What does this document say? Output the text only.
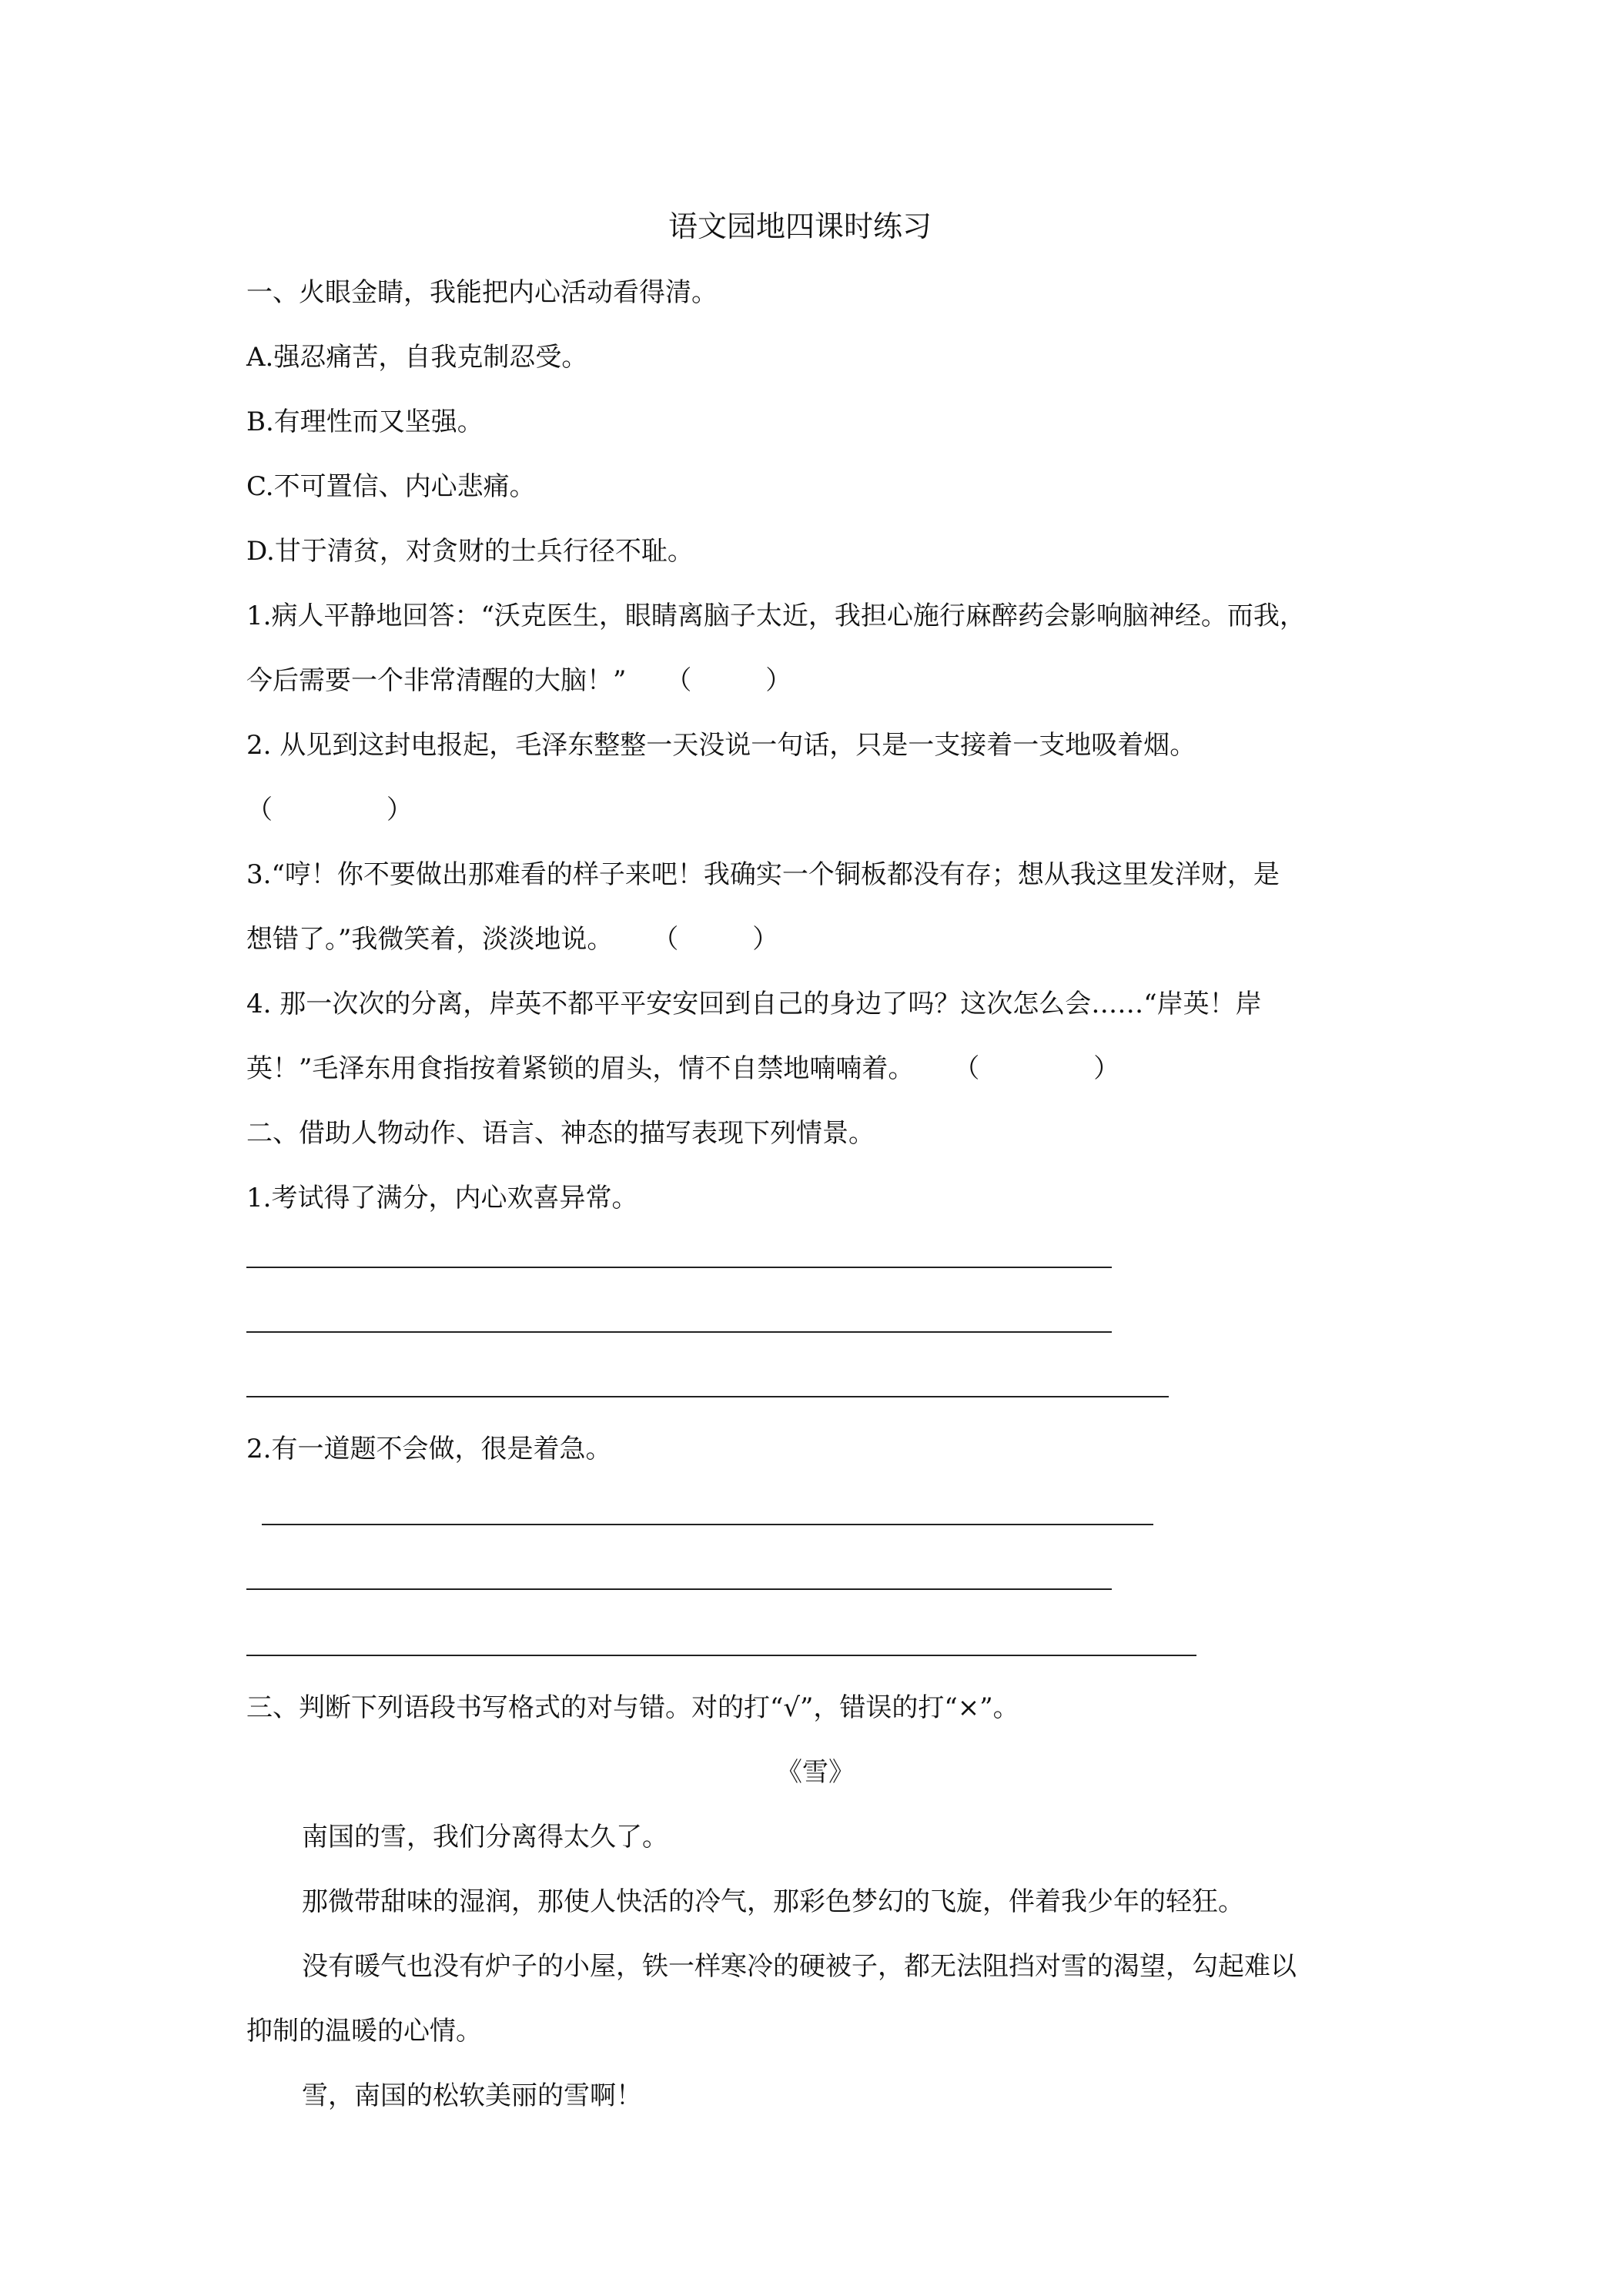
语文园地四课时练习
一、火眼金睛，我能把内心活动看得清。
A.强忍痛苦，自我克制忍受。
B.有理性而又坚强。
C.不可置信、内心悲痛。
D.甘于清贫，对贪财的士兵行径不耻。
1.病人平静地回答：“沃克医生，眼睛离脑子太近，我担心施行麻醉药会影响脑神经。而我，
今后需要一个非常清醒的大脑！” （	）
2. 从见到这封电报起，毛泽东整整一天没说一句话，只是一支接着一支地吸着烟。
（	）
3.“哼！你不要做出那难看的样子来吧！我确实一个铜板都没有存；想从我这里发洋财，是
想错了。”我微笑着，淡淡地说。 （	）
4. 那一次次的分离，岸英不都平平安安回到自己的身边了吗？这次怎么会……“岸英！岸
英！”毛泽东用食指按着紧锁的眉头，情不自禁地喃喃着。 （	）
二、借助人物动作、语言、神态的描写表现下列情景。
1.考试得了满分，内心欢喜异常。
2.有一道题不会做，很是着急。
三、判断下列语段书写格式的对与错。对的打“√”，错误的打“×”。
《雪》
南国的雪，我们分离得太久了。
那微带甜味的湿润，那使人快活的冷气，那彩色梦幻的飞旋，伴着我少年的轻狂。
没有暖气也没有炉子的小屋，铁一样寒冷的硬被子，都无法阻挡对雪的渴望，勾起难以
抑制的温暖的心情。
雪，南国的松软美丽的雪啊！
